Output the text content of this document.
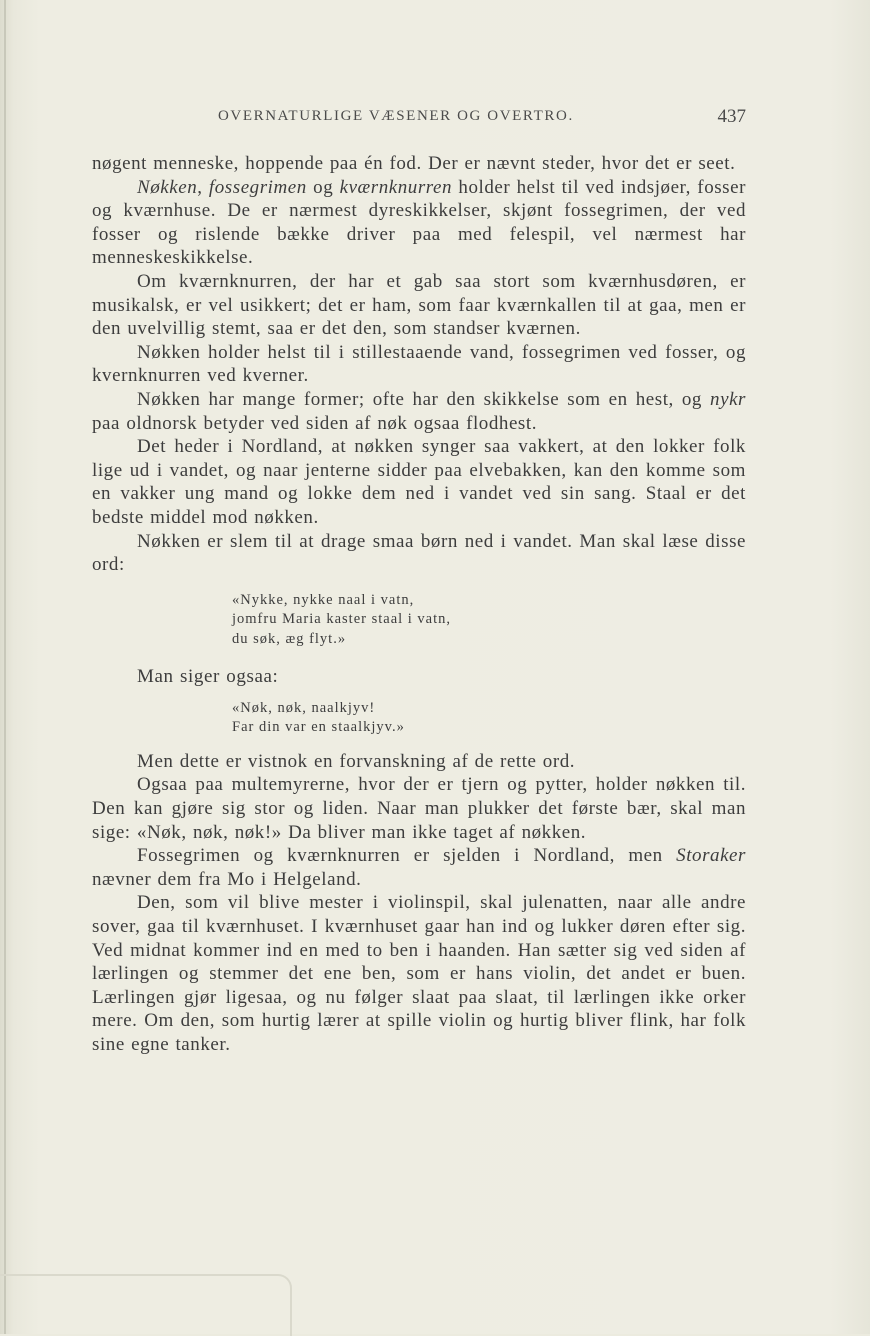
OVERNATURLIGE VÆSENER OG OVERTRO.	437

nøgent menneske, hoppende paa én fod. Der er nævnt steder, hvor det er seet.

Nøkken, fossegrimen og kværnknurren holder helst til ved indsjøer, fosser og kværnhuse. De er nærmest dyreskikkelser, skjønt fossegrimen, der ved fosser og rislende bække driver paa med felespil, vel nærmest har menneskeskikkelse.

Om kværnknurren, der har et gab saa stort som kværnhusdøren, er musikalsk, er vel usikkert; det er ham, som faar kværnkallen til at gaa, men er den uvelvillig stemt, saa er det den, som standser kværnen.

Nøkken holder helst til i stillestaaende vand, fossegrimen ved fosser, og kvernknurren ved kverner.

Nøkken har mange former; ofte har den skikkelse som en hest, og nykr paa oldnorsk betyder ved siden af nøk ogsaa flodhest.

Det heder i Nordland, at nøkken synger saa vakkert, at den lokker folk lige ud i vandet, og naar jenterne sidder paa elvebakken, kan den komme som en vakker ung mand og lokke dem ned i vandet ved sin sang. Staal er det bedste middel mod nøkken.

Nøkken er slem til at drage smaa børn ned i vandet. Man skal læse disse ord:

«Nykke, nykke naal i vatn,
jomfru Maria kaster staal i vatn,
du søk, æg flyt.»

Man siger ogsaa:

«Nøk, nøk, naalkjyv!
Far din var en staalkjyv.»

Men dette er vistnok en forvanskning af de rette ord.

Ogsaa paa multemyrerne, hvor der er tjern og pytter, holder nøkken til. Den kan gjøre sig stor og liden. Naar man plukker det første bær, skal man sige: «Nøk, nøk, nøk!» Da bliver man ikke taget af nøkken.

Fossegrimen og kværnknurren er sjelden i Nordland, men Storaker nævner dem fra Mo i Helgeland.

Den, som vil blive mester i violinspil, skal julenatten, naar alle andre sover, gaa til kværnhuset. I kværnhuset gaar han ind og lukker døren efter sig. Ved midnat kommer ind en med to ben i haanden. Han sætter sig ved siden af lærlingen og stemmer det ene ben, som er hans violin, det andet er buen. Lærlingen gjør ligesaa, og nu følger slaat paa slaat, til lærlingen ikke orker mere. Om den, som hurtig lærer at spille violin og hurtig bliver flink, har folk sine egne tanker.
